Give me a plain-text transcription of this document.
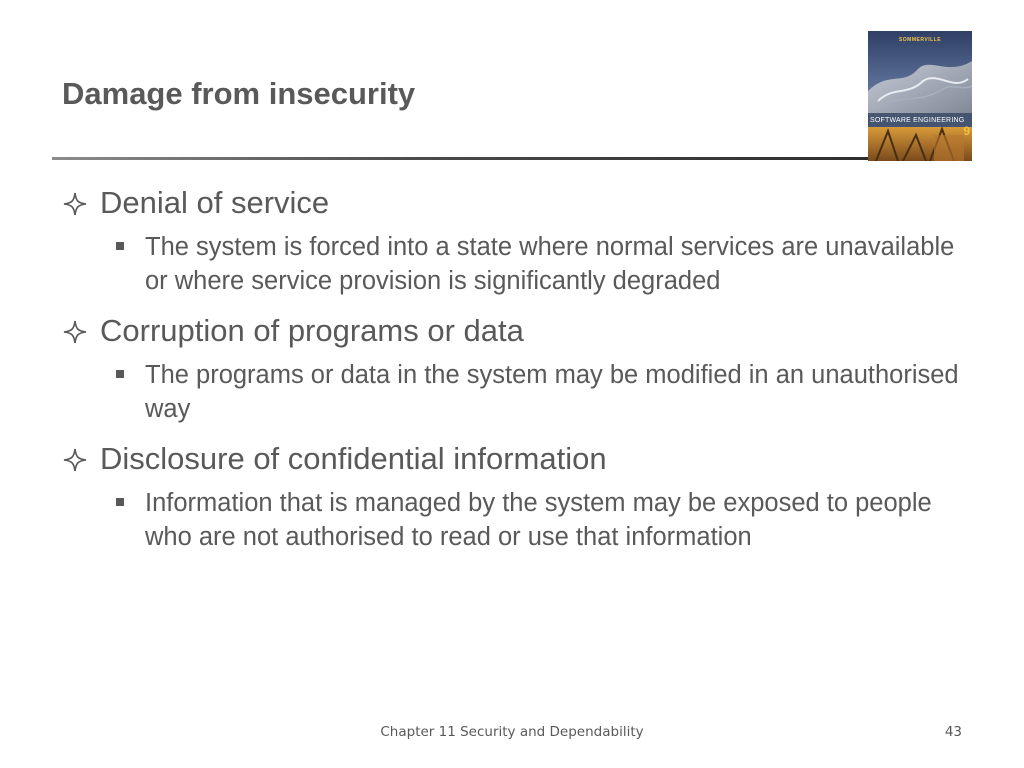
Damage from insecurity
SOMMERVILLE
SOFTWARE ENGINEERING
9
Denial of service
The system is forced into a state where normal services are unavailable or where service provision is significantly degraded
Corruption of programs or data
The programs or data in the system may be modified in an unauthorised way
Disclosure of confidential information
Information that is managed by the system may be exposed to people who are not authorised to read or use that information
Chapter 11 Security and Dependability	43
